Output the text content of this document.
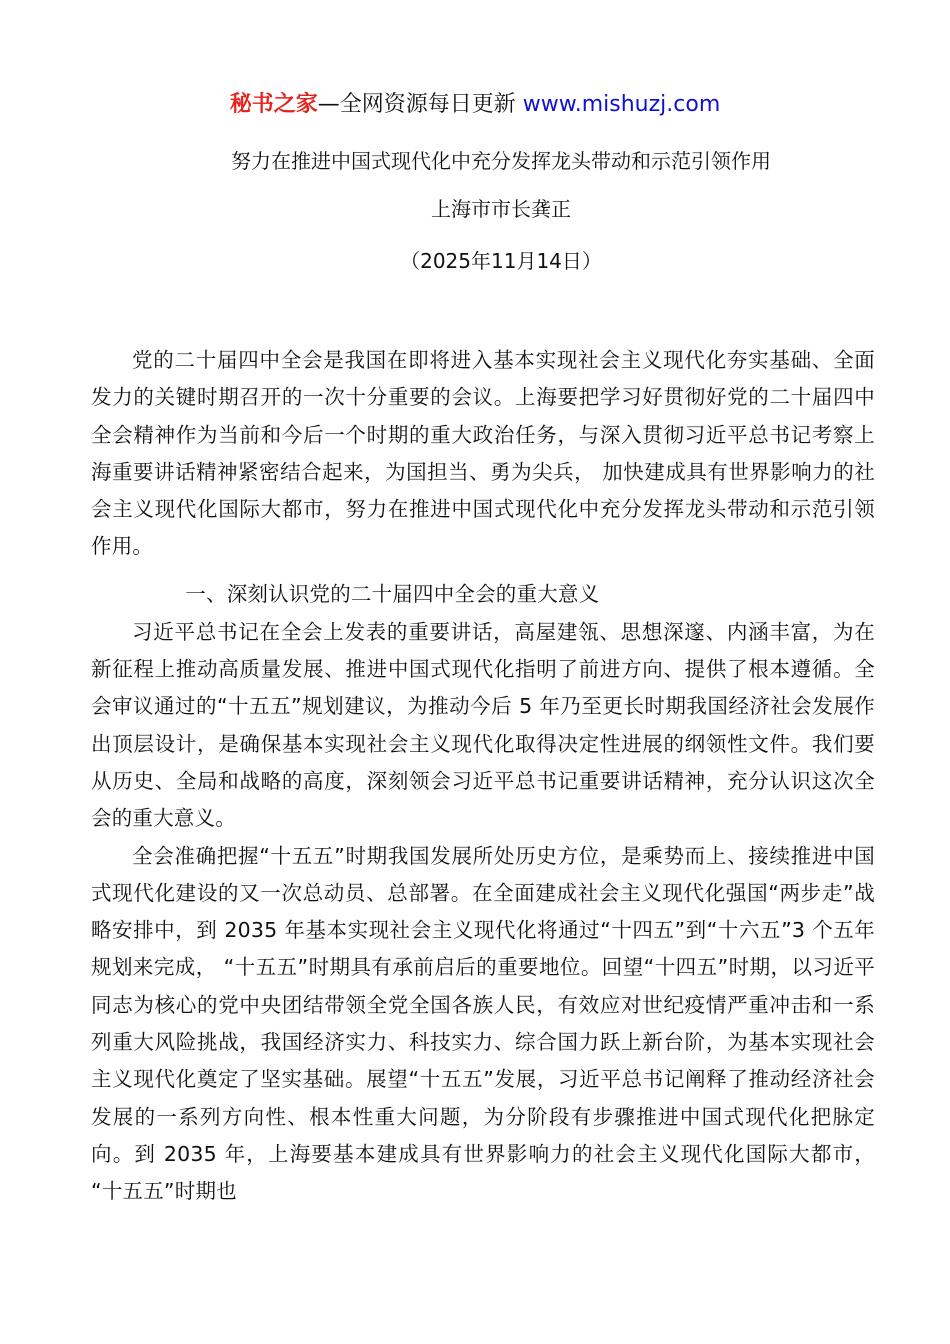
秘书之家—全网资源每日更新 www.mishuzj.com
努力在推进中国式现代化中充分发挥龙头带动和示范引领作用
上海市市长龚正
（2025年11月14日）

党的二十届四中全会是我国在即将进入基本实现社会主义现代化夯实基础、全面发力的关键时期召开的一次十分重要的会议。上海要把学习好贯彻好党的二十届四中全会精神作为当前和今后一个时期的重大政治任务，与深入贯彻习近平总书记考察上海重要讲话精神紧密结合起来，为国担当、勇为尖兵， 加快建成具有世界影响力的社会主义现代化国际大都市，努力在推进中国式现代化中充分发挥龙头带动和示范引领作用。

一、深刻认识党的二十届四中全会的重大意义

习近平总书记在全会上发表的重要讲话，高屋建瓴、思想深邃、内涵丰富，为在新征程上推动高质量发展、推进中国式现代化指明了前进方向、提供了根本遵循。全会审议通过的“十五五”规划建议，为推动今后 5 年乃至更长时期我国经济社会发展作出顶层设计，是确保基本实现社会主义现代化取得决定性进展的纲领性文件。我们要从历史、全局和战略的高度，深刻领会习近平总书记重要讲话精神，充分认识这次全会的重大意义。

全会准确把握“十五五”时期我国发展所处历史方位，是乘势而上、接续推进中国式现代化建设的又一次总动员、总部署。在全面建成社会主义现代化强国“两步走”战略安排中，到 2035 年基本实现社会主义现代化将通过“十四五”到“十六五”3 个五年规划来完成， “十五五”时期具有承前启后的重要地位。回望“十四五”时期，以习近平同志为核心的党中央团结带领全党全国各族人民，有效应对世纪疫情严重冲击和一系列重大风险挑战，我国经济实力、科技实力、综合国力跃上新台阶，为基本实现社会主义现代化奠定了坚实基础。展望“十五五”发展，习近平总书记阐释了推动经济社会发展的一系列方向性、根本性重大问题，为分阶段有步骤推进中国式现代化把脉定向。到 2035 年，上海要基本建成具有世界影响力的社会主义现代化国际大都市， “十五五”时期也
